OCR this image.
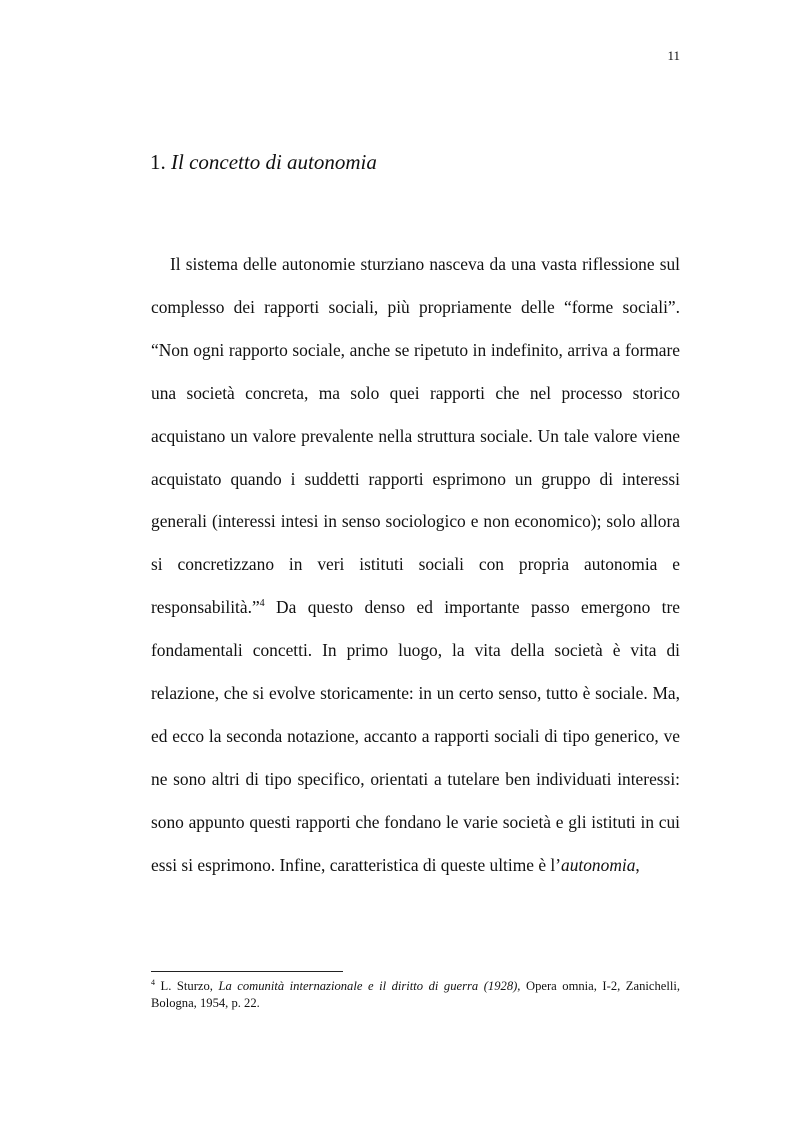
11
1. Il concetto di autonomia

Il sistema delle autonomie sturziano nasceva da una vasta riflessione sul complesso dei rapporti sociali, più propriamente delle “forme sociali”. “Non ogni rapporto sociale, anche se ripetuto in indefinito, arriva a formare una società concreta, ma solo quei rapporti che nel processo storico acquistano un valore prevalente nella struttura sociale. Un tale valore viene acquistato quando i suddetti rapporti esprimono un gruppo di interessi generali (interessi intesi in senso sociologico e non economico); solo allora si concretizzano in veri istituti sociali con propria autonomia e responsabilità.”$^4$ Da questo denso ed importante passo emergono tre fondamentali concetti. In primo luogo, la vita della società è vita di relazione, che si evolve storicamente: in un certo senso, tutto è sociale. Ma, ed ecco la seconda notazione, accanto a rapporti sociali di tipo generico, ve ne sono altri di tipo specifico, orientati a tutelare ben individuati interessi: sono appunto questi rapporti che fondano le varie società e gli istituti in cui essi si esprimono. Infine, caratteristica di queste ultime è l’autonomia,

$^4$ L. Sturzo, La comunità internazionale e il diritto di guerra (1928), Opera omnia, I-2, Zanichelli, Bologna, 1954, p. 22.
